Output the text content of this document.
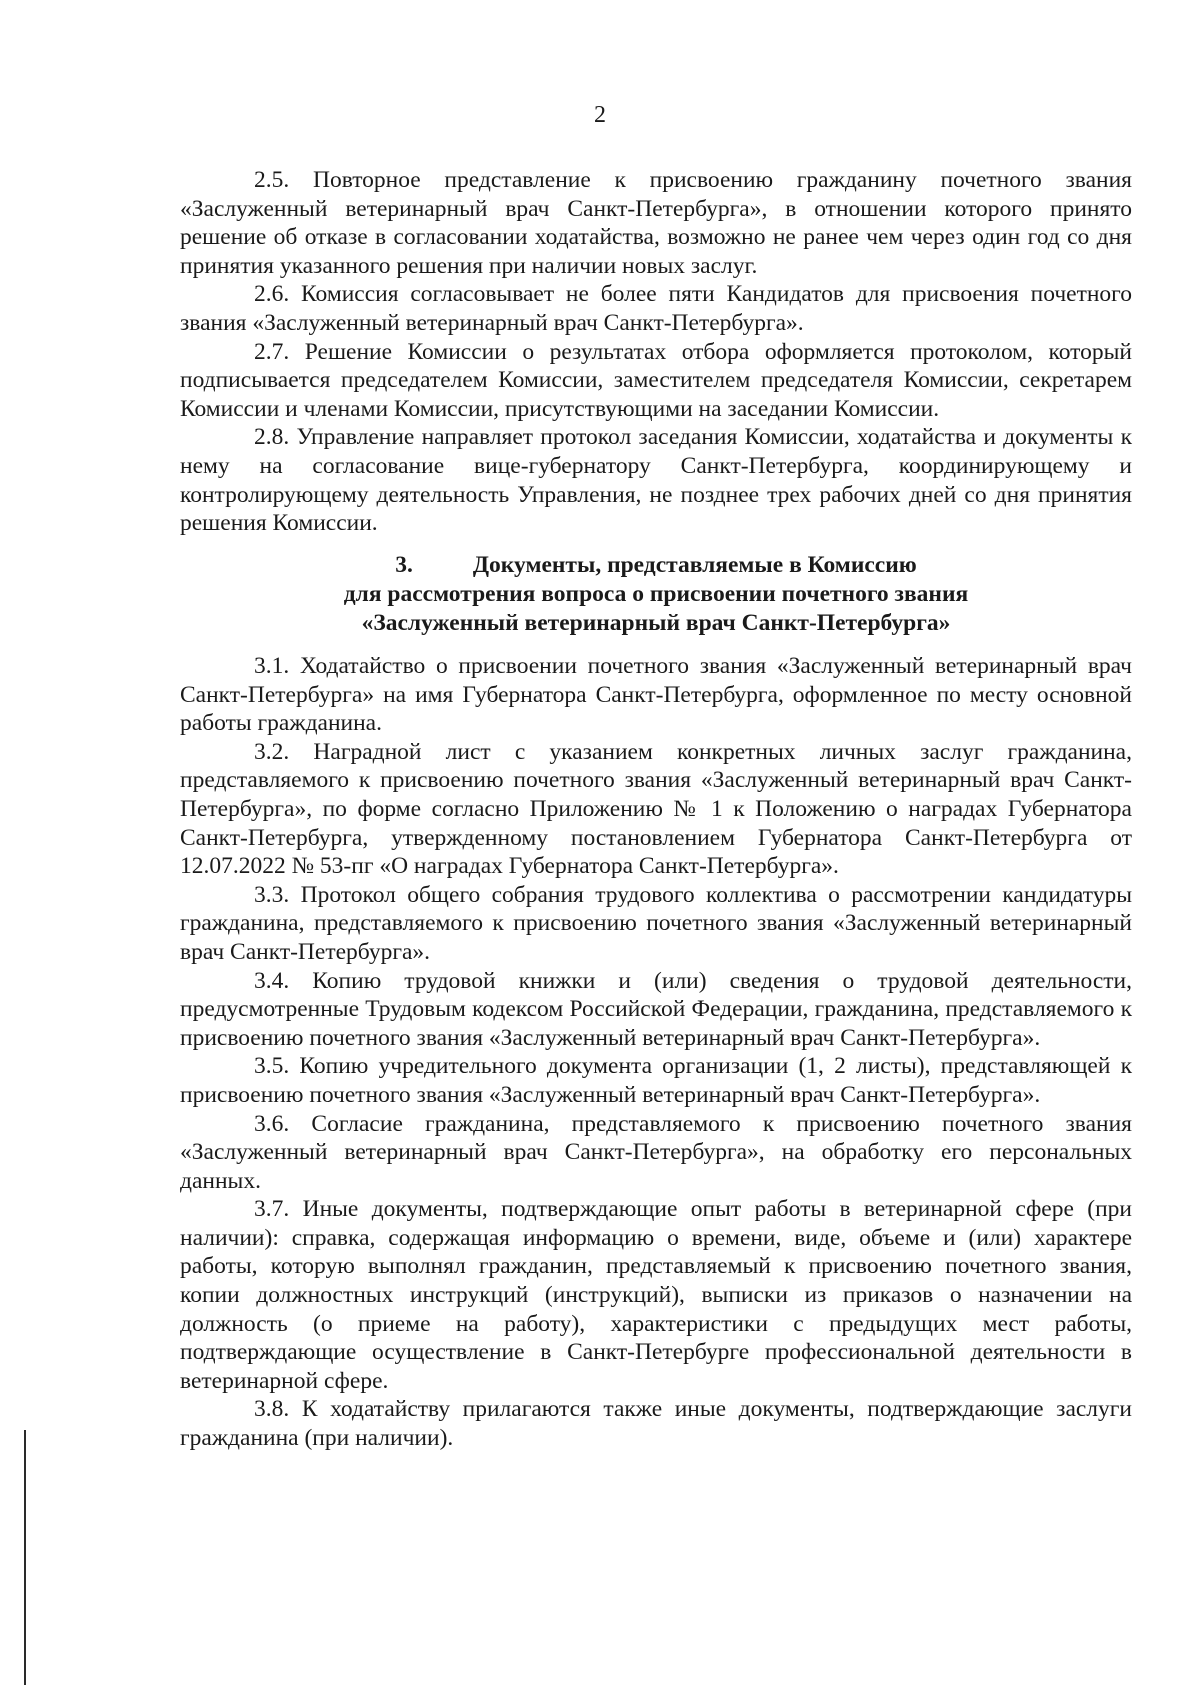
2

2.5. Повторное представление к присвоению гражданину почетного звания «Заслуженный ветеринарный врач Санкт-Петербурга», в отношении которого принято решение об отказе в согласовании ходатайства, возможно не ранее чем через один год со дня принятия указанного решения при наличии новых заслуг.

2.6. Комиссия согласовывает не более пяти Кандидатов для присвоения почетного звания «Заслуженный ветеринарный врач Санкт-Петербурга».

2.7. Решение Комиссии о результатах отбора оформляется протоколом, который подписывается председателем Комиссии, заместителем председателя Комиссии, секретарем Комиссии и членами Комиссии, присутствующими на заседании Комиссии.

2.8. Управление направляет протокол заседания Комиссии, ходатайства и документы к нему на согласование вице-губернатору Санкт-Петербурга, координирующему и контролирующему деятельность Управления, не позднее трех рабочих дней со дня принятия решения Комиссии.

3.	Документы, представляемые в Комиссию
для рассмотрения вопроса о присвоении почетного звания
«Заслуженный ветеринарный врач Санкт-Петербурга»

3.1. Ходатайство о присвоении почетного звания «Заслуженный ветеринарный врач Санкт-Петербурга» на имя Губернатора Санкт-Петербурга, оформленное по месту основной работы гражданина.

3.2. Наградной лист с указанием конкретных личных заслуг гражданина, представляемого к присвоению почетного звания «Заслуженный ветеринарный врач Санкт-Петербурга», по форме согласно Приложению № 1 к Положению о наградах Губернатора Санкт-Петербурга, утвержденному постановлением Губернатора Санкт-Петербурга от 12.07.2022 № 53-пг «О наградах Губернатора Санкт-Петербурга».

3.3. Протокол общего собрания трудового коллектива о рассмотрении кандидатуры гражданина, представляемого к присвоению почетного звания «Заслуженный ветеринарный врач Санкт-Петербурга».

3.4. Копию трудовой книжки и (или) сведения о трудовой деятельности, предусмотренные Трудовым кодексом Российской Федерации, гражданина, представляемого к присвоению почетного звания «Заслуженный ветеринарный врач Санкт-Петербурга».

3.5. Копию учредительного документа организации (1, 2 листы), представляющей к присвоению почетного звания «Заслуженный ветеринарный врач Санкт-Петербурга».

3.6. Согласие гражданина, представляемого к присвоению почетного звания «Заслуженный ветеринарный врач Санкт-Петербурга», на обработку его персональных данных.

3.7. Иные документы, подтверждающие опыт работы в ветеринарной сфере (при наличии): справка, содержащая информацию о времени, виде, объеме и (или) характере работы, которую выполнял гражданин, представляемый к присвоению почетного звания, копии должностных инструкций (инструкций), выписки из приказов о назначении на должность (о приеме на работу), характеристики с предыдущих мест работы, подтверждающие осуществление в Санкт-Петербурге профессиональной деятельности в ветеринарной сфере.

3.8. К ходатайству прилагаются также иные документы, подтверждающие заслуги гражданина (при наличии).
